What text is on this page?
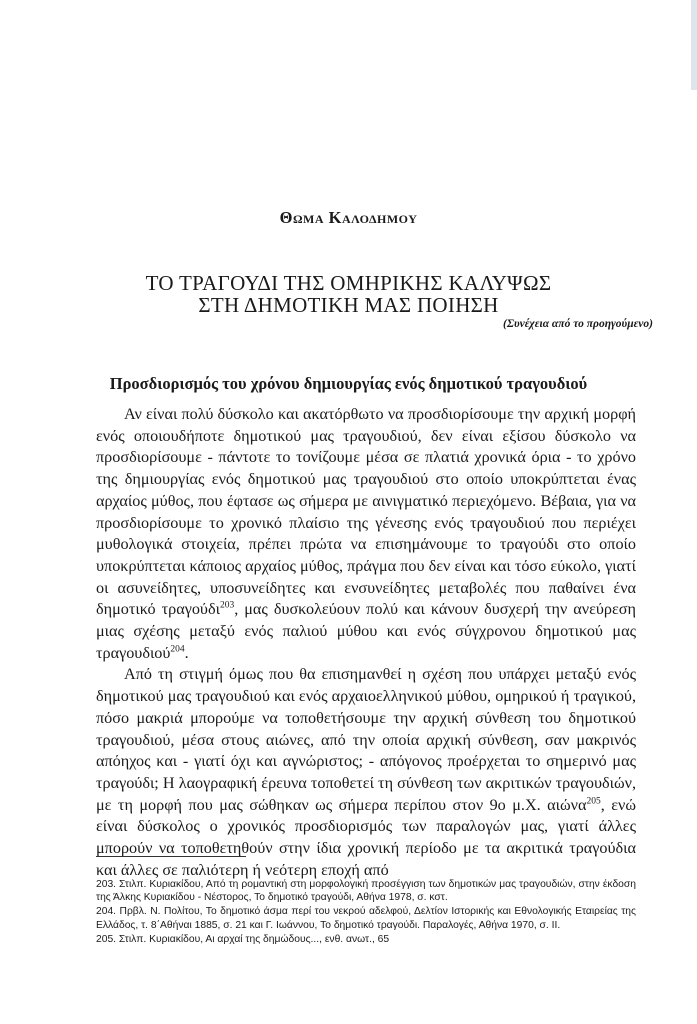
Θωμα Καλοδημου
ΤΟ ΤΡΑΓΟΥΔΙ ΤΗΣ ΟΜΗΡΙΚΗΣ ΚΑΛΥΨΩΣ
ΣΤΗ ΔΗΜΟΤΙΚΗ ΜΑΣ ΠΟΙΗΣΗ
(Συνέχεια από το προηγούμενο)
Προσδιορισμός του χρόνου δημιουργίας ενός δημοτικού τραγουδιού

Αν είναι πολύ δύσκολο και ακατόρθωτο να προσδιορίσουμε την αρχική μορφή ενός οποιουδήποτε δημοτικού μας τραγουδιού, δεν είναι εξίσου δύσκολο να προσδιορίσουμε - πάντοτε το τονίζουμε μέσα σε πλατιά χρονικά όρια - το χρόνο της δημιουργίας ενός δημοτικού μας τραγουδιού στο οποίο υποκρύπτεται ένας αρχαίος μύθος, που έφτασε ως σήμερα με αινιγματικό περιεχόμενο. Βέβαια, για να προσδιορίσουμε το χρονικό πλαίσιο της γένεσης ενός τραγουδιού που περιέχει μυθολογικά στοιχεία, πρέπει πρώτα να επισημάνουμε το τραγούδι στο οποίο υποκρύπτεται κάποιος αρχαίος μύθος, πράγμα που δεν είναι και τόσο εύκολο, γιατί οι ασυνείδητες, υποσυνείδητες και ενσυνείδητες μεταβολές που παθαίνει ένα δημοτικό τραγούδι$^{203}$, μας δυσκολεύουν πολύ και κάνουν δυσχερή την ανεύρεση μιας σχέσης μεταξύ ενός παλιού μύθου και ενός σύγχρονου δημοτικού μας τραγουδιού$^{204}$.

Από τη στιγμή όμως που θα επισημανθεί η σχέση που υπάρχει μεταξύ ενός δημοτικού μας τραγουδιού και ενός αρχαιοελληνικού μύθου, ομηρικού ή τραγικού, πόσο μακριά μπορούμε να τοποθετήσουμε την αρχική σύνθεση του δημοτικού τραγουδιού, μέσα στους αιώνες, από την οποία αρχική σύνθεση, σαν μακρινός απόηχος και - γιατί όχι και αγνώριστος; - απόγονος προέρχεται το σημερινό μας τραγούδι; Η λαογραφική έρευνα τοποθετεί τη σύνθεση των ακριτικών τραγουδιών, με τη μορφή που μας σώθηκαν ως σήμερα περίπου στον 9ο μ.Χ. αιώνα$^{205}$, ενώ είναι δύσκολος ο χρονικός προσδιορισμός των παραλογών μας, γιατί άλλες μπορούν να τοποθετηθούν στην ίδια χρονική περίοδο με τα ακριτικά τραγούδια και άλλες σε παλιότερη ή νεότερη εποχή από

203. Στιλπ. Κυριακίδου, Από τη ρομαντική στη μορφολογική προσέγγιση των δημοτικών μας τραγουδιών, στην έκδοση της Άλκης Κυριακίδου - Νέστορος, Το δημοτικό τραγούδι, Αθήνα 1978, σ. κστ.

204. Πρβλ. Ν. Πολίτου, Το δημοτικό άσμα περί του νεκρού αδελφού, Δελτίον Ιστορικής και Εθνολογικής Εταιρείας της Ελλάδος, τ. 8΄Αθήναι 1885, σ. 21 και Γ. Ιωάννου, Το δημοτικό τραγούδι. Παραλογές, Αθήνα 1970, σ. ΙΙ.

205. Στιλπ. Κυριακίδου, Αι αρχαί της δημώδους..., ενθ. ανωτ., 65
